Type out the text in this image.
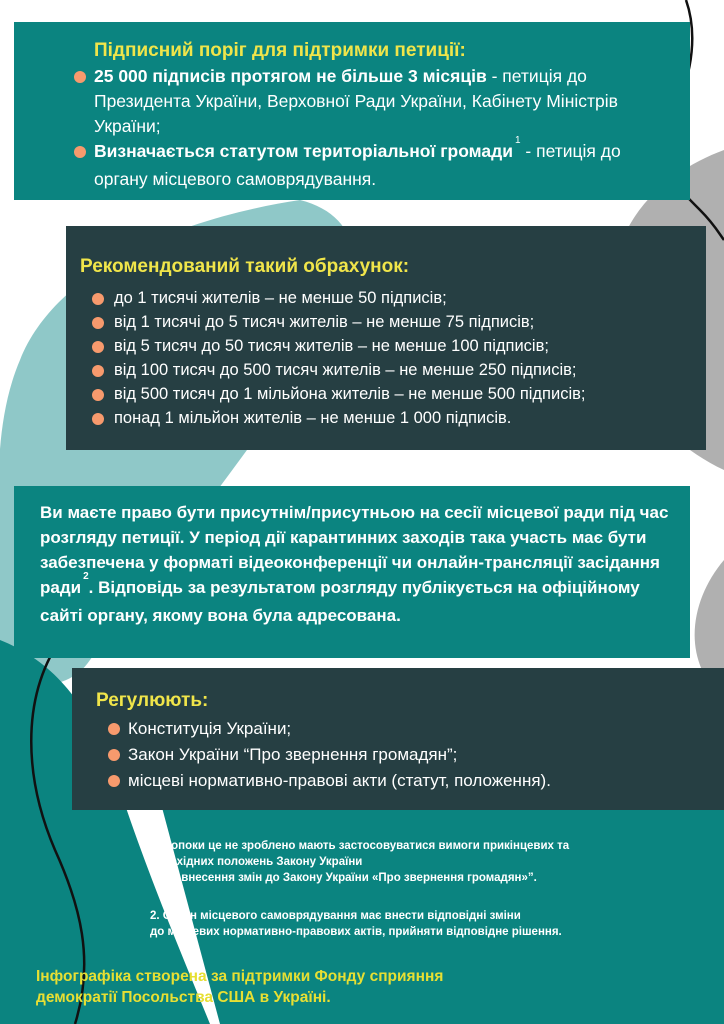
Підписний поріг для підтримки петиції:
25 000 підписів протягом не більше 3 місяців - петиція до Президента України, Верховної Ради України, Кабінету Міністрів України;
Визначається статутом територіальної громади$^1$ - петиція до органу місцевого самоврядування.
Рекомендований такий обрахунок:
до 1 тисячі жителів – не менше 50 підписів;
від 1 тисячі до 5 тисяч жителів – не менше 75 підписів;
від 5 тисяч до 50 тисяч жителів – не менше 100 підписів;
від 100 тисяч до 500 тисяч жителів – не менше 250 підписів;
від 500 тисяч до 1 мільйона жителів – не менше 500 підписів;
понад 1 мільйон жителів – не менше 1 000 підписів.
Ви маєте право бути присутнім/присутньою на сесії місцевої ради під час розгляду петиції. У період дії карантинних заходів така участь має бути забезпечена у форматі відеоконференції чи онлайн-трансляції засідання ради$^2$. Відповідь за результатом розгляду публікується на офіційному сайті органу, якому вона була адресована.
Регулюють:
Конституція України;
Закон України “Про звернення громадян”;
місцеві нормативно-правові акти (статут, положення).
1. Допоки це не зроблено мають застосовуватися вимоги прикінцевих та
перехідних положень Закону України
“Про внесення змін до Закону України «Про звернення громадян»”.
2. Орган місцевого самоврядування має внести відповідні зміни
до місцевих нормативно-правових актів, прийняти відповідне рішення.
Інфографіка створена за підтримки Фонду сприяння
демократії Посольства США в Україні.
